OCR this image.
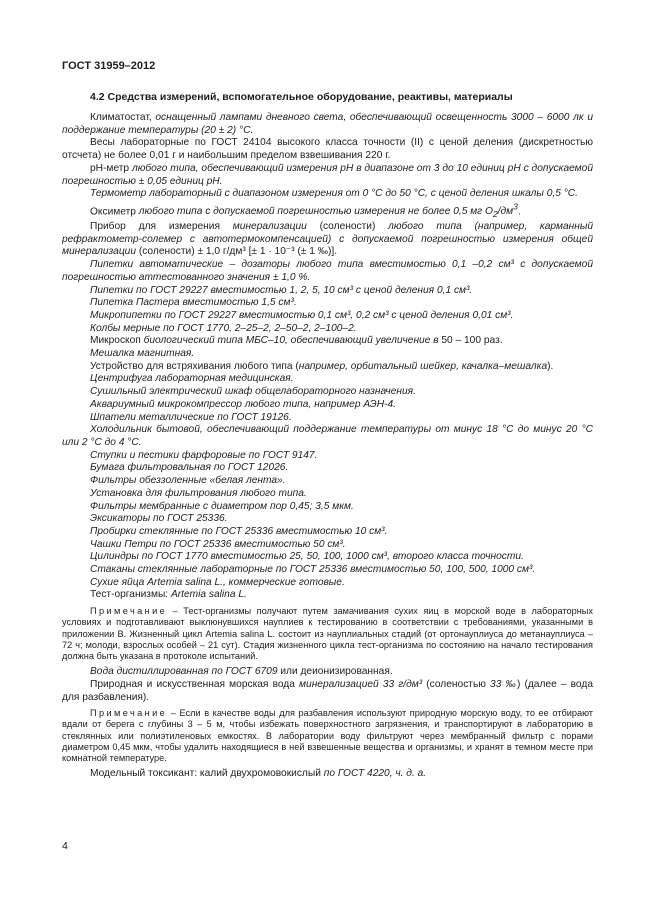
ГОСТ 31959–2012
4.2 Средства измерений, вспомогательное оборудование, реактивы, материалы

Климатостат, оснащенный лампами дневного света, обеспечивающий освещенность 3000 – 6000 лк и поддержание температуры (20 ± 2) °С.

Весы лабораторные по ГОСТ 24104 высокого класса точности (II) с ценой деления (дискретностью отсчета) не более 0,01 г и наибольшим пределом взвешивания 220 г.

pH-метр любого типа, обеспечивающий измерения pH в диапазоне от 3 до 10 единиц pH с допускаемой погрешностью ± 0,05 единиц pH.

Термометр лабораторный с диапазоном измерения от 0 °С до 50 °С, с ценой деления шкалы 0,5 °С.

Оксиметр любого типа с допускаемой погрешностью измерения не более 0,5 мг $О_2/дм^3$.

Прибор для измерения минерализации (солености) любого типа (например, карманный рефрактометр-солемер с автотермокомпенсацией) с допускаемой погрешностью измерения общей минерализации (солености) ± 1,0 г/дм³ [± 1 · 10⁻³ (± 1 ‰)].

Пипетки автоматические – дозаторы любого типа вместимостью 0,1 –0,2 см³ с допускаемой погрешностью аттестованного значения ± 1,0 %.

Пипетки по ГОСТ 29227 вместимостью 1, 2, 5, 10 см³ с ценой деления 0,1 см³.

Пипетка Пастера вместимостью 1,5 см³.

Микропипетки по ГОСТ 29227 вместимостью 0,1 см³, 0,2 см³ с ценой деления 0,01 см³.

Колбы мерные по ГОСТ 1770, 2–25–2, 2–50–2, 2–100–2.

Микроскоп биологический типа МБС–10, обеспечивающий увеличение в 50 – 100 раз.

Мешалка магнитная.

Устройство для встряхивания любого типа (например, орбитальный шейкер, качалка–мешалка).

Центрифуга лабораторная медицинская.

Сушильный электрический шкаф общелабораторного назначения.

Аквариумный микрокомпрессор любого типа, например АЭН-4.

Шпатели металлические по ГОСТ 19126.

Холодильник бытовой, обеспечивающий поддержание температуры от минус 18 °С до минус 20 °С или 2 °С до 4 °С.

Ступки и пестики фарфоровые по ГОСТ 9147.

Бумага фильтровальная по ГОСТ 12026.

Фильтры обеззоленные «белая лента».

Установка для фильтрования любого типа.

Фильтры мембранные с диаметром пор 0,45; 3,5 мкм.

Эксикаторы по ГОСТ 25336.

Пробирки стеклянные по ГОСТ 25336 вместимостью 10 см³.

Чашки Петри по ГОСТ 25336 вместимостью 50 см³.

Цилиндры по ГОСТ 1770 вместимостью 25, 50, 100, 1000 см³, второго класса точности.

Стаканы стеклянные лабораторные по ГОСТ 25336 вместимостью 50, 100, 500, 1000 см³.

Сухие яйца Artemia salina L., коммерческие готовые.

Тест-организмы: Artemia salina L.

Примечание – Тест-организмы получают путем замачивания сухих яиц в морской воде в лабораторных условиях и подготавливают выклюнувшихся науплиев к тестированию в соответствии с требованиями, указанными в приложении В. Жизненный цикл Artemia salina L. состоит из науплиальных стадий (от ортонауплиуса до метанауплиуса – 72 ч; молоди, взрослых особей – 21 сут). Стадия жизненного цикла тест-организма по состоянию на начало тестирования должна быть указана в протоколе испытаний.

Вода дистиллированная по ГОСТ 6709 или деионизированная.

Природная и искусственная морская вода минерализацией 33 г/дм³ (соленостью 33 ‰) (далее – вода для разбавления).

Примечание – Если в качестве воды для разбавления используют природную морскую воду, то ее отбирают вдали от берега с глубины 3 – 5 м, чтобы избежать поверхностного загрязнения, и транспортируют в лабораторию в стеклянных или полиэтиленовых емкостях. В лаборатории воду фильтруют через мембранный фильтр с порами диаметром 0,45 мкм, чтобы удалить находящиеся в ней взвешенные вещества и организмы, и хранят в темном месте при комнатной температуре.

Модельный токсикант: калий двухромовокислый по ГОСТ 4220, ч. д. а.

4
